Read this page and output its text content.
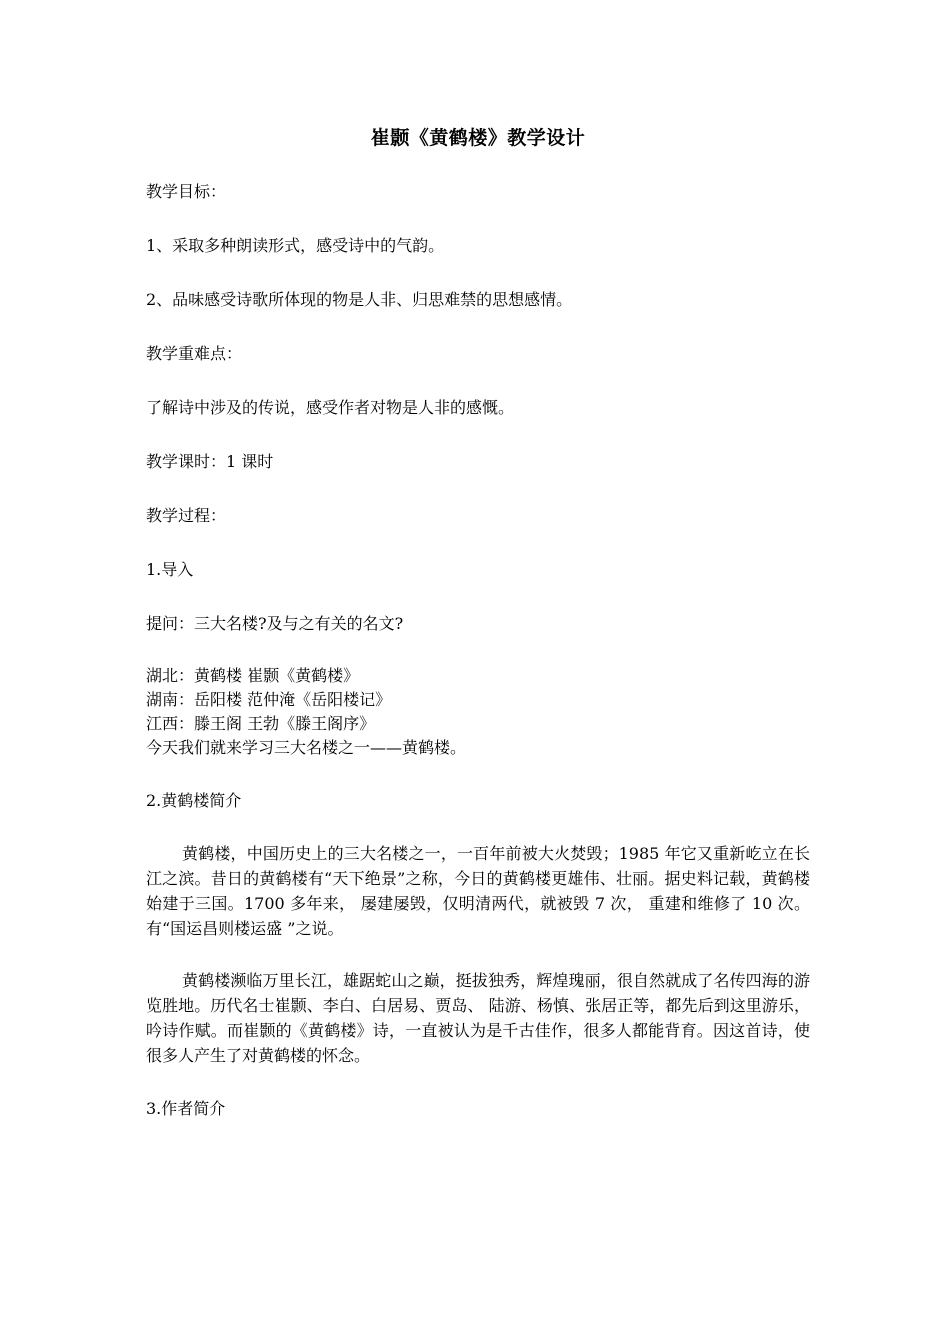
崔颢《黄鹤楼》教学设计
教学目标：
1、采取多种朗读形式，感受诗中的气韵。
2、品味感受诗歌所体现的物是人非、归思难禁的思想感情。
教学重难点：
了解诗中涉及的传说，感受作者对物是人非的感慨。
教学课时：1 课时
教学过程：
1.导入
提问：三大名楼?及与之有关的名文?
湖北：黄鹤楼 崔颢《黄鹤楼》
湖南：岳阳楼 范仲淹《岳阳楼记》
江西：滕王阁 王勃《滕王阁序》
今天我们就来学习三大名楼之一——黄鹤楼。
2.黄鹤楼简介
黄鹤楼，中国历史上的三大名楼之一，一百年前被大火焚毁；1985 年它又重新屹立在长江之滨。昔日的黄鹤楼有“天下绝景”之称，今日的黄鹤楼更雄伟、壮丽。据史料记载，黄鹤楼始建于三国。1700 多年来， 屡建屡毁，仅明清两代，就被毁 7 次， 重建和维修了 10 次。有“国运昌则楼运盛 ”之说。
黄鹤楼濒临万里长江，雄踞蛇山之巅，挺拔独秀，辉煌瑰丽，很自然就成了名传四海的游览胜地。历代名士崔颢、李白、白居易、贾岛、 陆游、杨慎、张居正等，都先后到这里游乐，吟诗作赋。而崔颢的《黄鹤楼》诗，一直被认为是千古佳作，很多人都能背育。因这首诗，使很多人产生了对黄鹤楼的怀念。
3.作者简介
